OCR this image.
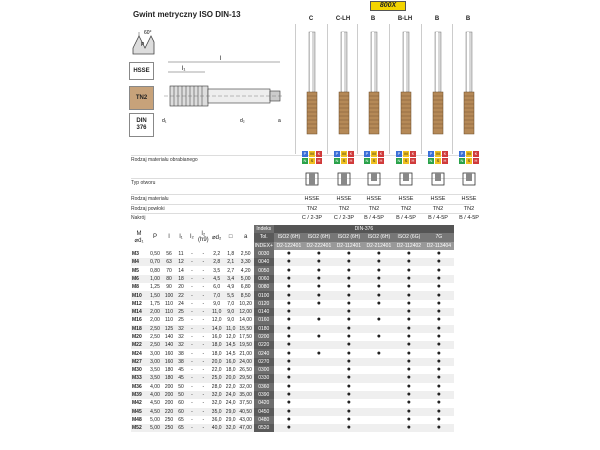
Gwint metryczny ISO DIN-13
800X
60°
P
HSSE
TN2
DIN
376
l
l₁
d₁	d₂	a
C	C-LH	B	B-LH	B	B
Rodzaj materiału obrabianego
P	M K
N	S	H
P	M K
N	S	H
P	M K
N	S	H
P	M K
N	S	H
P	M K
N	S	H
P	M K
N	S	H
Typ otworu
Rodzaj materiału	HSSE	HSSE	HSSE	HSSE	HSSE	HSSE
Rodzaj powłoki	TN2	TN2	TN2	TN2	TN2	TN2
Nakrój	C / 2-3P	C / 2-3P	B / 4-5P	B / 4-5P	B / 4-5P	B / 4-5P
M
⌀d₁	P	l	l₁	l₂	l₂
(h9)	⌀d₂	□	a	Indeks	DIN-376					
									Tol.	ISO2 (6H)	ISO2 (6H)	ISO2 (6H)	ISO2 (6H)	ISO2 (6G)	7G
									INDEX+	D2-122401	D2-222401	D2-112401	D2-212401	D2-112402	D2-113404
M3	0,50	56	11	-	-	2,2	1,8	2,50	0030	●	●	●	●	●	●
M4	0,70	63	12	-	-	2,8	2,1	3,30	0040	●	●	●	●	●	●
M5	0,80	70	14	-	-	3,5	2,7	4,20	0050	●	●	●	●	●	●
M6	1,00	80	18	-	-	4,5	3,4	5,00	0060	●	●	●	●	●	●
M8	1,25	90	20	-	-	6,0	4,9	6,80	0080	●	●	●	●	●	●
M10	1,50	100	22	-	-	7,0	5,5	8,50	0100	●	●	●	●	●	●
M12	1,75	110	24	-	-	9,0	7,0	10,20	0120	●	●	●	●	●	●
M14	2,00	110	25	-	-	11,0	9,0	12,00	0140	●		●		●	●
M16	2,00	110	25	-	-	12,0	9,0	14,00	0160	●	●	●	●	●	●
M18	2,50	125	32	-	-	14,0	11,0	15,50	0180	●		●		●	●
M20	2,50	140	32	-	-	16,0	12,0	17,50	0200	●	●	●	●	●	●
M22	2,50	140	32	-	-	18,0	14,5	19,50	0220	●		●		●	●
M24	3,00	160	38	-	-	18,0	14,5	21,00	0240	●	●	●	●	●	●
M27	3,00	160	38	-	-	20,0	16,0	24,00	0270	●		●		●	●
M30	3,50	180	45	-	-	22,0	18,0	26,50	0300	●		●		●	●
M33	3,50	180	45	-	-	25,0	20,0	29,50	0330	●		●		●	●
M36	4,00	200	50	-	-	28,0	22,0	32,00	0360	●		●		●	●
M39	4,00	200	50	-	-	32,0	24,0	35,00	0390	●		●		●	●
M42	4,50	200	60	-	-	32,0	24,0	37,50	0420	●		●		●	●
M45	4,50	220	60	-	-	35,0	29,0	40,50	0450	●		●		●	●
M48	5,00	250	65	-	-	36,0	29,0	43,00	0480	●		●		●	●
M52	5,00	250	65	-	-	40,0	32,0	47,00	0520	●		●		●	●
